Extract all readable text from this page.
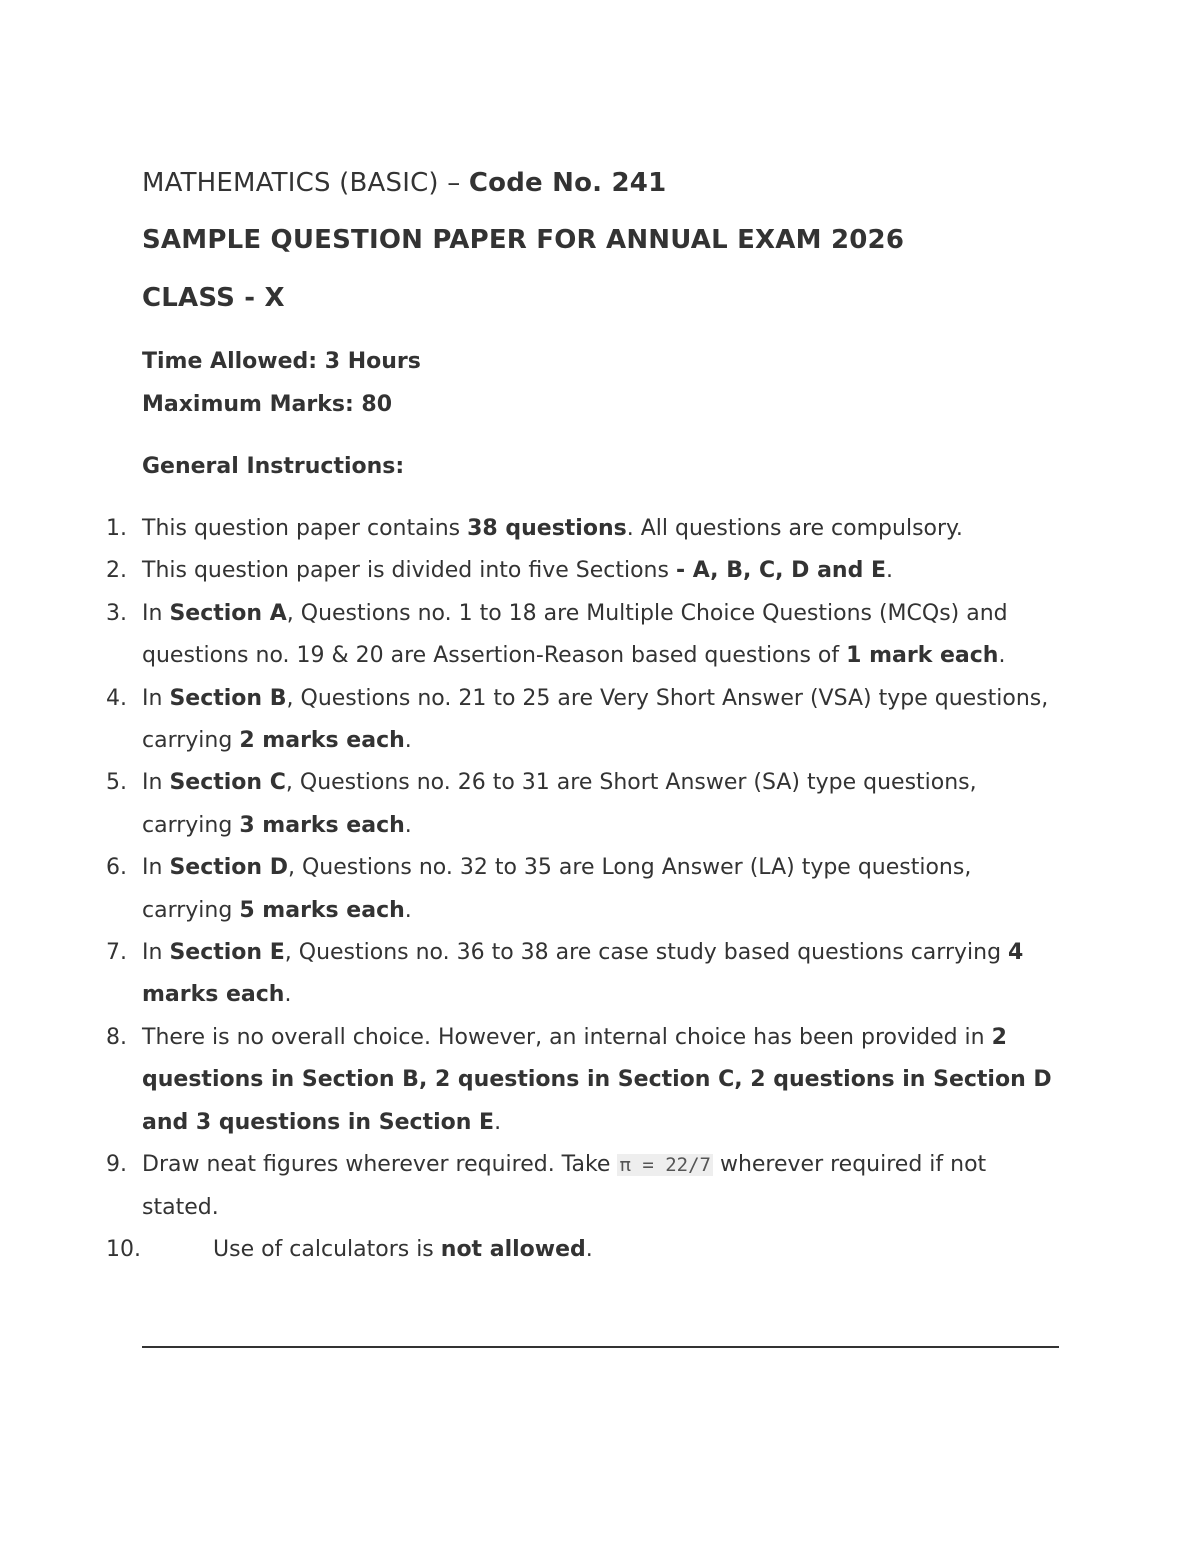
MATHEMATICS (BASIC) – Code No. 241
SAMPLE QUESTION PAPER FOR ANNUAL EXAM 2026
CLASS - X
Time Allowed: 3 Hours
Maximum Marks: 80
General Instructions:
1. This question paper contains 38 questions. All questions are compulsory.
2. This question paper is divided into five Sections - A, B, C, D and E.
3. In Section A, Questions no. 1 to 18 are Multiple Choice Questions (MCQs) and questions no. 19 & 20 are Assertion-Reason based questions of 1 mark each.
4. In Section B, Questions no. 21 to 25 are Very Short Answer (VSA) type questions, carrying 2 marks each.
5. In Section C, Questions no. 26 to 31 are Short Answer (SA) type questions, carrying 3 marks each.
6. In Section D, Questions no. 32 to 35 are Long Answer (LA) type questions, carrying 5 marks each.
7. In Section E, Questions no. 36 to 38 are case study based questions carrying 4 marks each.
8. There is no overall choice. However, an internal choice has been provided in 2 questions in Section B, 2 questions in Section C, 2 questions in Section D and 3 questions in Section E.
9. Draw neat figures wherever required. Take π = 22/7 wherever required if not stated.
10.	Use of calculators is not allowed.
